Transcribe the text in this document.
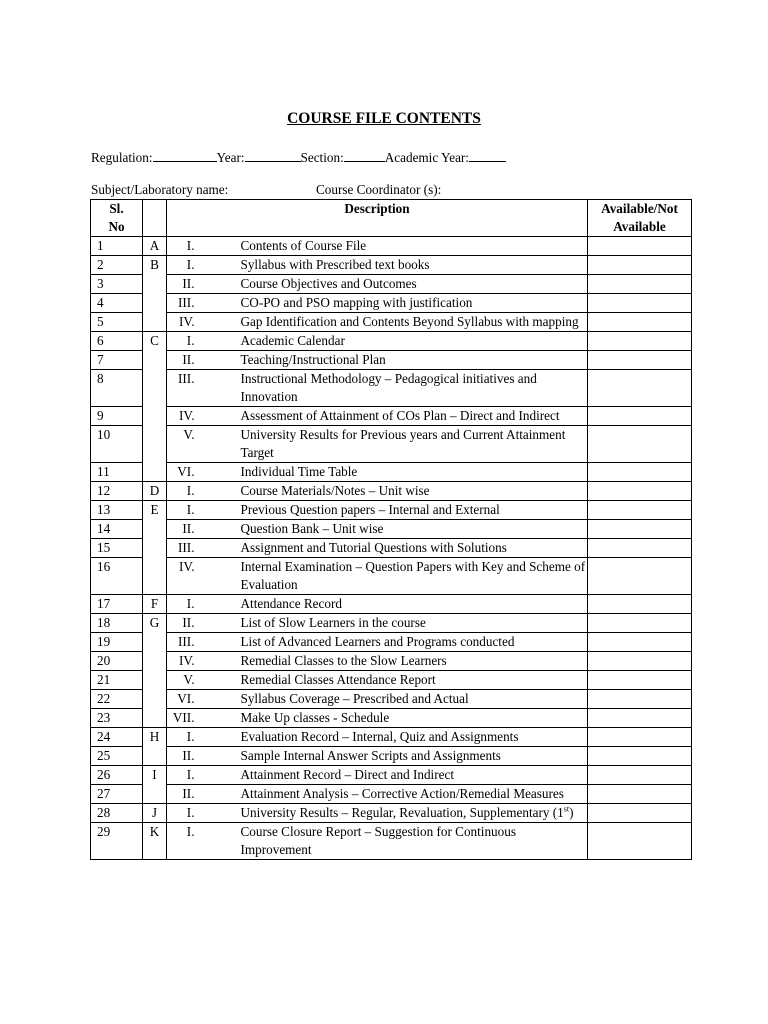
COURSE FILE CONTENTS
Regulation:	Year:	Section:	Academic Year:
Subject/Laboratory name:	Course Coordinator (s):
Sl.
No		Description		Available/Not
Available
1	A	I.	Contents of Course File	
2	B	I.	Syllabus with Prescribed text books	
3		II.	Course Objectives and Outcomes	
4		III.	CO-PO and PSO mapping with justification	
5		IV.	Gap Identification and Contents Beyond Syllabus with mapping	
6	C	I.	Academic Calendar	
7		II.	Teaching/Instructional Plan	
8		III.	Instructional Methodology – Pedagogical initiatives and Innovation	
9		IV.	Assessment of Attainment of COs Plan – Direct and Indirect	
10		V.	University Results for Previous years and Current Attainment Target	
11		VI.	Individual Time Table	
12	D	I.	Course Materials/Notes – Unit wise	
13	E	I.	Previous Question papers – Internal and External	
14		II.	Question Bank – Unit wise	
15		III.	Assignment and Tutorial Questions with Solutions	
16		IV.	Internal Examination – Question Papers with Key and Scheme of Evaluation	
17	F	I.	Attendance Record	
18	G	II.	List of Slow Learners in the course	
19		III.	List of Advanced Learners and Programs conducted	
20		IV.	Remedial Classes to the Slow Learners	
21		V.	Remedial Classes Attendance Report	
22		VI.	Syllabus Coverage – Prescribed and Actual	
23		VII.	Make Up classes - Schedule	
24	H	I.	Evaluation Record – Internal, Quiz and Assignments	
25		II.	Sample Internal Answer Scripts and Assignments	
26	I	I.	Attainment Record – Direct and Indirect	
27		II.	Attainment Analysis – Corrective Action/Remedial Measures	
28	J	I.	University Results – Regular, Revaluation, Supplementary (1st)	
29	K	I.	Course Closure Report – Suggestion for Continuous Improvement	
